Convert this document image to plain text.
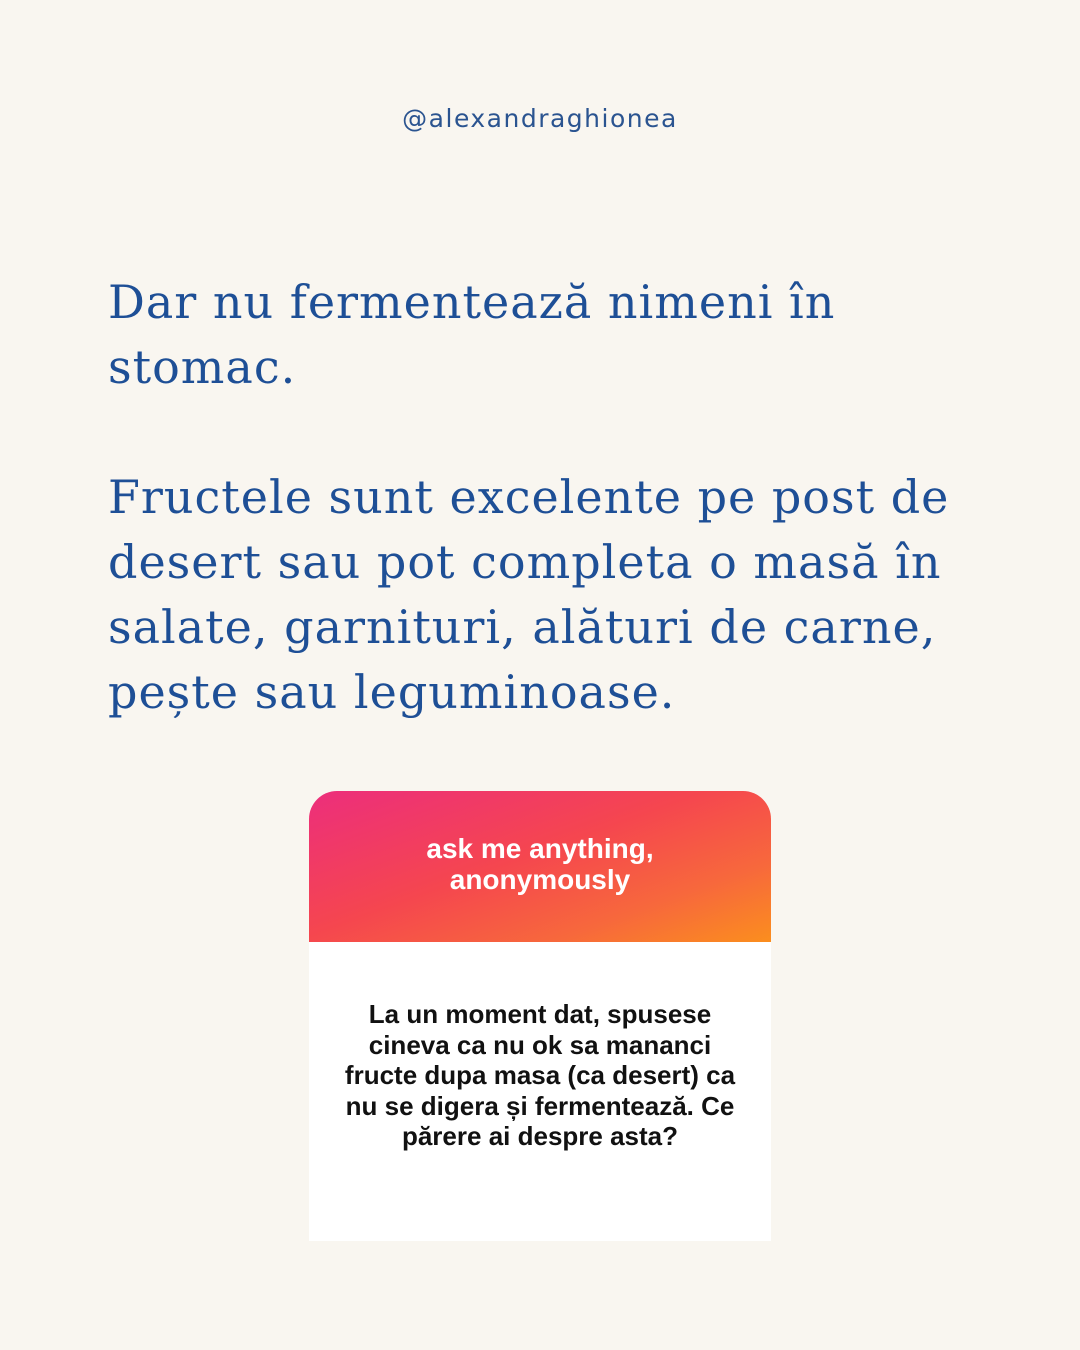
@alexandraghionea

Dar nu fermentează nimeni în stomac.

Fructele sunt excelente pe post de desert sau pot completa o masă în salate, garnituri, alături de carne, pește sau leguminoase.

ask me anything, anonymously
La un moment dat, spusese cineva ca nu ok sa mananci fructe dupa masa (ca desert) ca nu se digera și fermentează. Ce părere ai despre asta?
